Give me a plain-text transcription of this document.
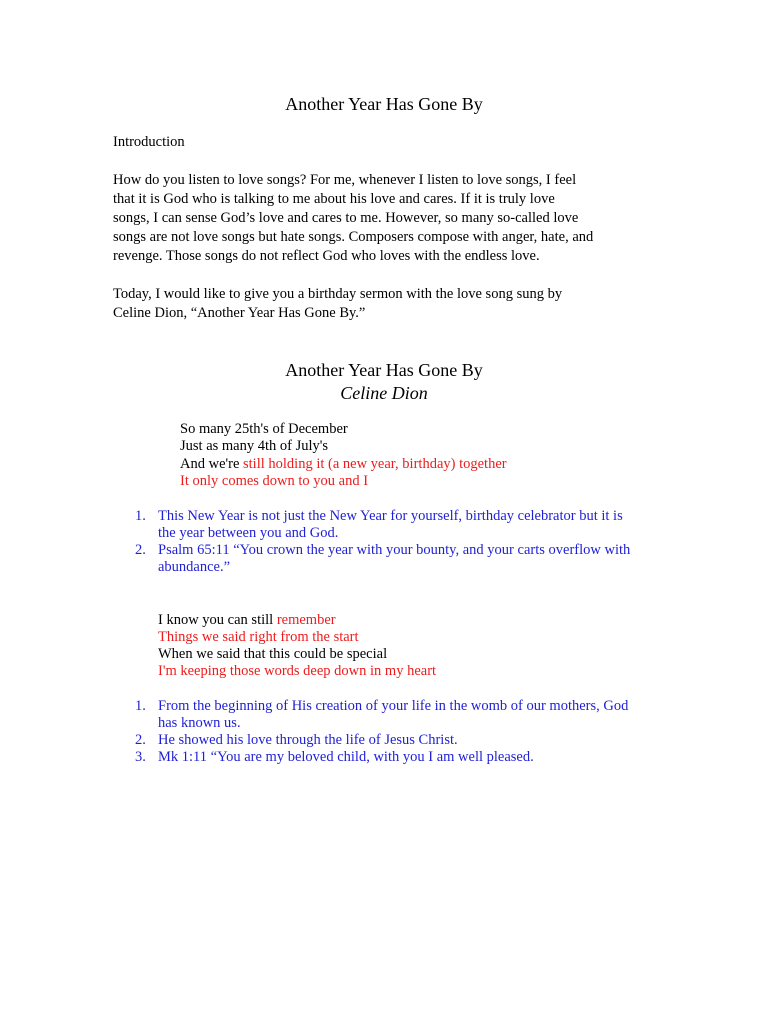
Another Year Has Gone By
Introduction
How do you listen to love songs? For me, whenever I listen to love songs, I feel
that it is God who is talking to me about his love and cares. If it is truly love
songs, I can sense God’s love and cares to me. However, so many so-called love
songs are not love songs but hate songs. Composers compose with anger, hate, and
revenge. Those songs do not reflect God who loves with the endless love.
Today, I would like to give you a birthday sermon with the love song sung by
Celine Dion, “Another Year Has Gone By.”
Another Year Has Gone By
Celine Dion
So many 25th's of December
Just as many 4th of July's
And we're still holding it (a new year, birthday) together
It only comes down to you and I
1. This New Year is not just the New Year for yourself, birthday celebrator but it is
the year between you and God.
2. Psalm 65:11 “You crown the year with your bounty, and your carts overflow with
abundance.”
I know you can still remember
Things we said right from the start
When we said that this could be special
I'm keeping those words deep down in my heart
1. From the beginning of His creation of your life in the womb of our mothers, God
has known us.
2. He showed his love through the life of Jesus Christ.
3. Mk 1:11 “You are my beloved child, with you I am well pleased.
